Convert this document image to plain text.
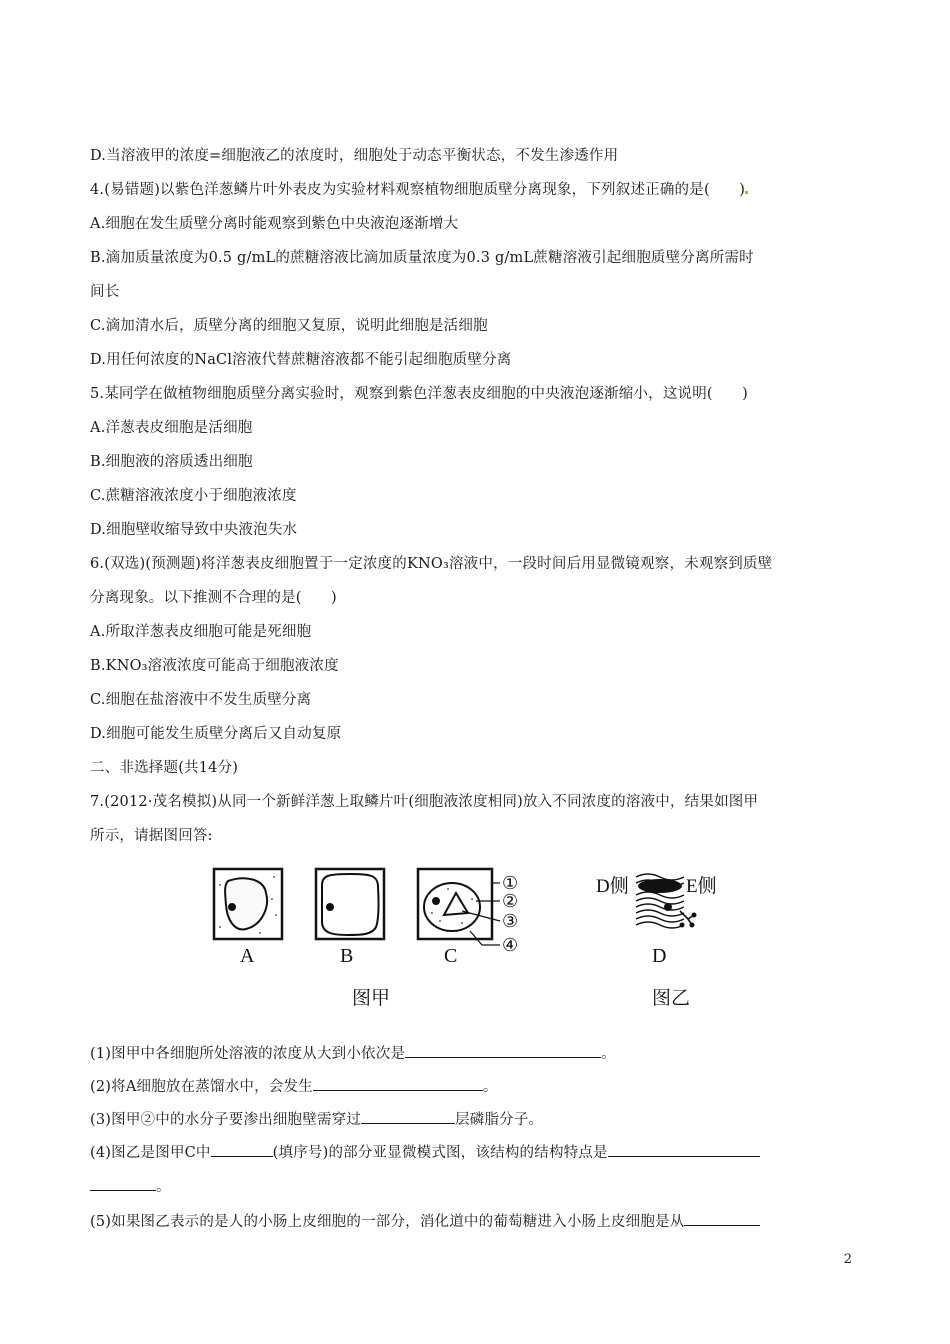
D.当溶液甲的浓度=细胞液乙的浓度时，细胞处于动态平衡状态，不发生渗透作用
4.(易错题)以紫色洋葱鳞片叶外表皮为实验材料观察植物细胞质壁分离现象，下列叙述正确的是(　　)
A.细胞在发生质壁分离时能观察到紫色中央液泡逐渐增大
B.滴加质量浓度为0.5 g/mL的蔗糖溶液比滴加质量浓度为0.3 g/mL蔗糖溶液引起细胞质壁分离所需时
间长
C.滴加清水后，质壁分离的细胞又复原，说明此细胞是活细胞
D.用任何浓度的NaCl溶液代替蔗糖溶液都不能引起细胞质壁分离
5.某同学在做植物细胞质壁分离实验时，观察到紫色洋葱表皮细胞的中央液泡逐渐缩小，这说明(　　)
A.洋葱表皮细胞是活细胞
B.细胞液的溶质透出细胞
C.蔗糖溶液浓度小于细胞液浓度
D.细胞壁收缩导致中央液泡失水
6.(双选)(预测题)将洋葱表皮细胞置于一定浓度的KNO₃溶液中，一段时间后用显微镜观察，未观察到质壁
分离现象。以下推测不合理的是(　　)
A.所取洋葱表皮细胞可能是死细胞
B.KNO₃溶液浓度可能高于细胞液浓度
C.细胞在盐溶液中不发生质壁分离
D.细胞可能发生质壁分离后又自动复原
二、非选择题(共14分)
7.(2012·茂名模拟)从同一个新鲜洋葱上取鳞片叶(细胞液浓度相同)放入不同浓度的溶液中，结果如图甲
所示，请据图回答:
A	B
①
②
③
④
C
D侧	E侧
D
图甲	图乙
(1)图甲中各细胞所处溶液的浓度从大到小依次是	。
(2)将A细胞放在蒸馏水中，会发生	。
(3)图甲②中的水分子要渗出细胞壁需穿过	层磷脂分子。
(4)图乙是图甲C中	(填序号)的部分亚显微模式图，该结构的结构特点是
。
(5)如果图乙表示的是人的小肠上皮细胞的一部分，消化道中的葡萄糖进入小肠上皮细胞是从
2
